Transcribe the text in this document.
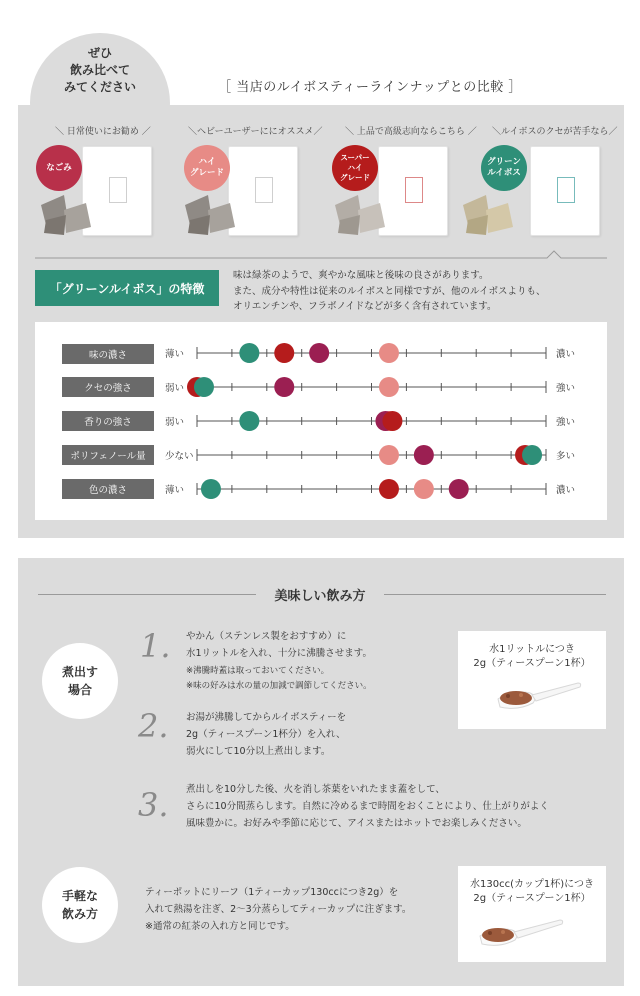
ぜひ
飲み比べて
みてください	［ 当店のルイボスティーラインナップとの比較 ］
＼ 日常使いにお勧め ／
なごみ
＼ヘビーユーザーににオススメ／
ハイ
グレード
＼ 上品で高級志向ならこちら ／
スーパー
ハイ
グレード
＼ルイボスのクセが苦手なら／
グリーン
ルイボス
「グリーンルイボス」の特徴
味は緑茶のようで、爽やかな風味と後味の良さがあります。
また、成分や特性は従来のルイボスと同様ですが、他のルイボスよりも、
オリエンチンや、フラボノイドなどが多く含有されています。
味の濃さ	薄い	濃い
クセの強さ	弱い	強い
香りの強さ	弱い	強い
ポリフェノール量	少ない	多い
色の濃さ	薄い	濃い
美味しい飲み方
煮出す
場合
1. やかん（ステンレス製をおすすめ）に
水1リットルを入れ、十分に沸騰させます。
※沸騰時蓋は取っておいてください。
※味の好みは水の量の加減で調節してください。
水1リットルにつき
2g（ティースプーン1杯）
2. お湯が沸騰してからルイボスティーを
2g（ティースプーン1杯分）を入れ、
弱火にして10分以上煮出します。
3. 煮出しを10分した後、火を消し茶葉をいれたまま蓋をして、
さらに10分間蒸らします。自然に冷めるまで時間をおくことにより、仕上がりがよく
風味豊かに。お好みや季節に応じて、アイスまたはホットでお楽しみください。
手軽な
飲み方
ティーポットにリーフ（1ティーカップ130ccにつき2g）を
入れて熱湯を注ぎ、2～3分蒸らしてティーカップに注ぎます。
※通常の紅茶の入れ方と同じです。
水130cc(カップ1杯)につき
2g（ティースプーン1杯）
